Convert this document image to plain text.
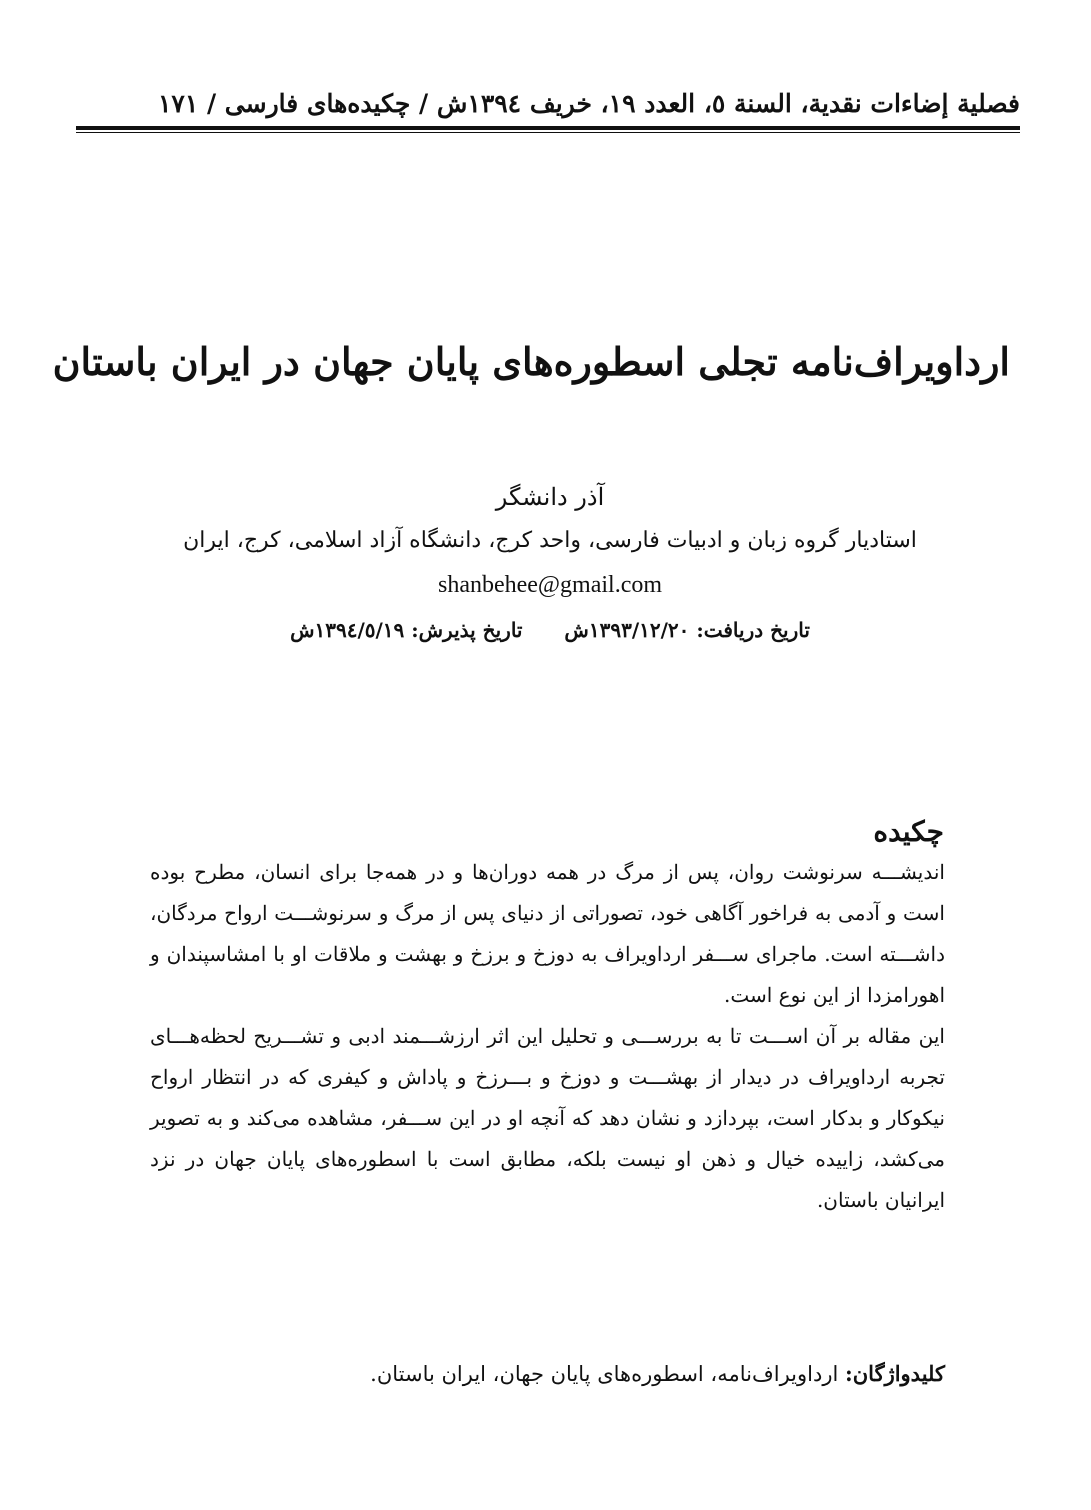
فصلیة إضاءات نقدیة، السنة ٥، العدد ١٩، خریف ١٣٩٤ش / چکیده‌های فارسی / ١٧١
ارداویراف‌نامه تجلی اسطوره‌های پایان جهان در ایران باستان
آذر دانشگر
استادیار گروه زبان و ادبیات فارسی، واحد کرج، دانشگاه آزاد اسلامی، کرج، ایران
shanbehee@gmail.com
تاریخ دریافت: ١٣٩٣/١٢/٢٠ش  تاریخ پذیرش: ١٣٩٤/٥/١٩ش
چکیده

اندیشـــه سرنوشت روان، پس از مرگ در همه دوران‌ها و در همه‌جا برای انسان، مطرح بوده است و آدمی به فراخور آگاهی خود، تصوراتی از دنیای پس از مرگ و سرنوشـــت ارواح مردگان، داشـــته است. ماجرای ســـفر ارداویراف به دوزخ و برزخ و بهشت و ملاقات او با امشاسپندان و اهورامزدا از این نوع است.

این مقاله بر آن اســـت تا به بررســـی و تحلیل این اثر ارزشـــمند ادبی و تشـــریح لحظه‌هـــای تجربه ارداویراف در دیدار از بهشـــت و دوزخ و بـــرزخ و پاداش و کیفری که در انتظار ارواح نیکوکار و بدکار است، بپردازد و نشان دهد که آنچه او در این ســـفر، مشاهده می‌کند و به تصویر می‌کشد، زاییده خیال و ذهن او نیست بلکه، مطابق است با اسطوره‌های پایان جهان در نزد ایرانیان باستان.

کلیدواژگان: ارداویراف‌نامه، اسطوره‌های پایان جهان، ایران باستان.
